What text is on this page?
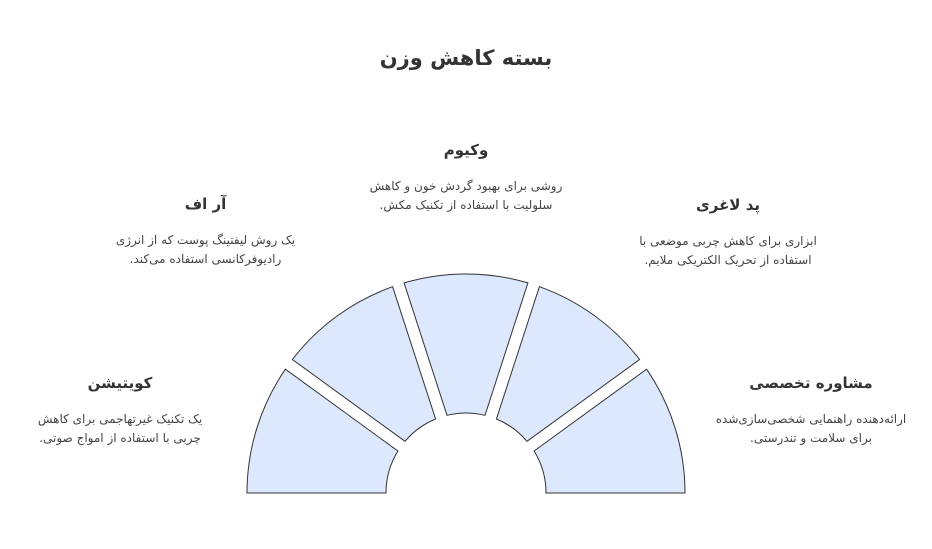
بسته کاهش وزن
کویتیشن
یک تکنیک غیرتهاجمی برای کاهش چربی با استفاده از امواج صوتی.
آر اف
یک روش لیفتینگ پوست که از انرژی رادیوفرکانسی استفاده می‌کند.
وکیوم
روشی برای بهبود گردش خون و کاهش سلولیت با استفاده از تکنیک مکش.	پد لاغری
ابزاری برای کاهش چربی موضعی با استفاده از تحریک الکتریکی ملایم.
مشاوره تخصصی
ارائه‌دهنده راهنمایی شخصی‌سازی‌شده برای سلامت و تندرستی.
